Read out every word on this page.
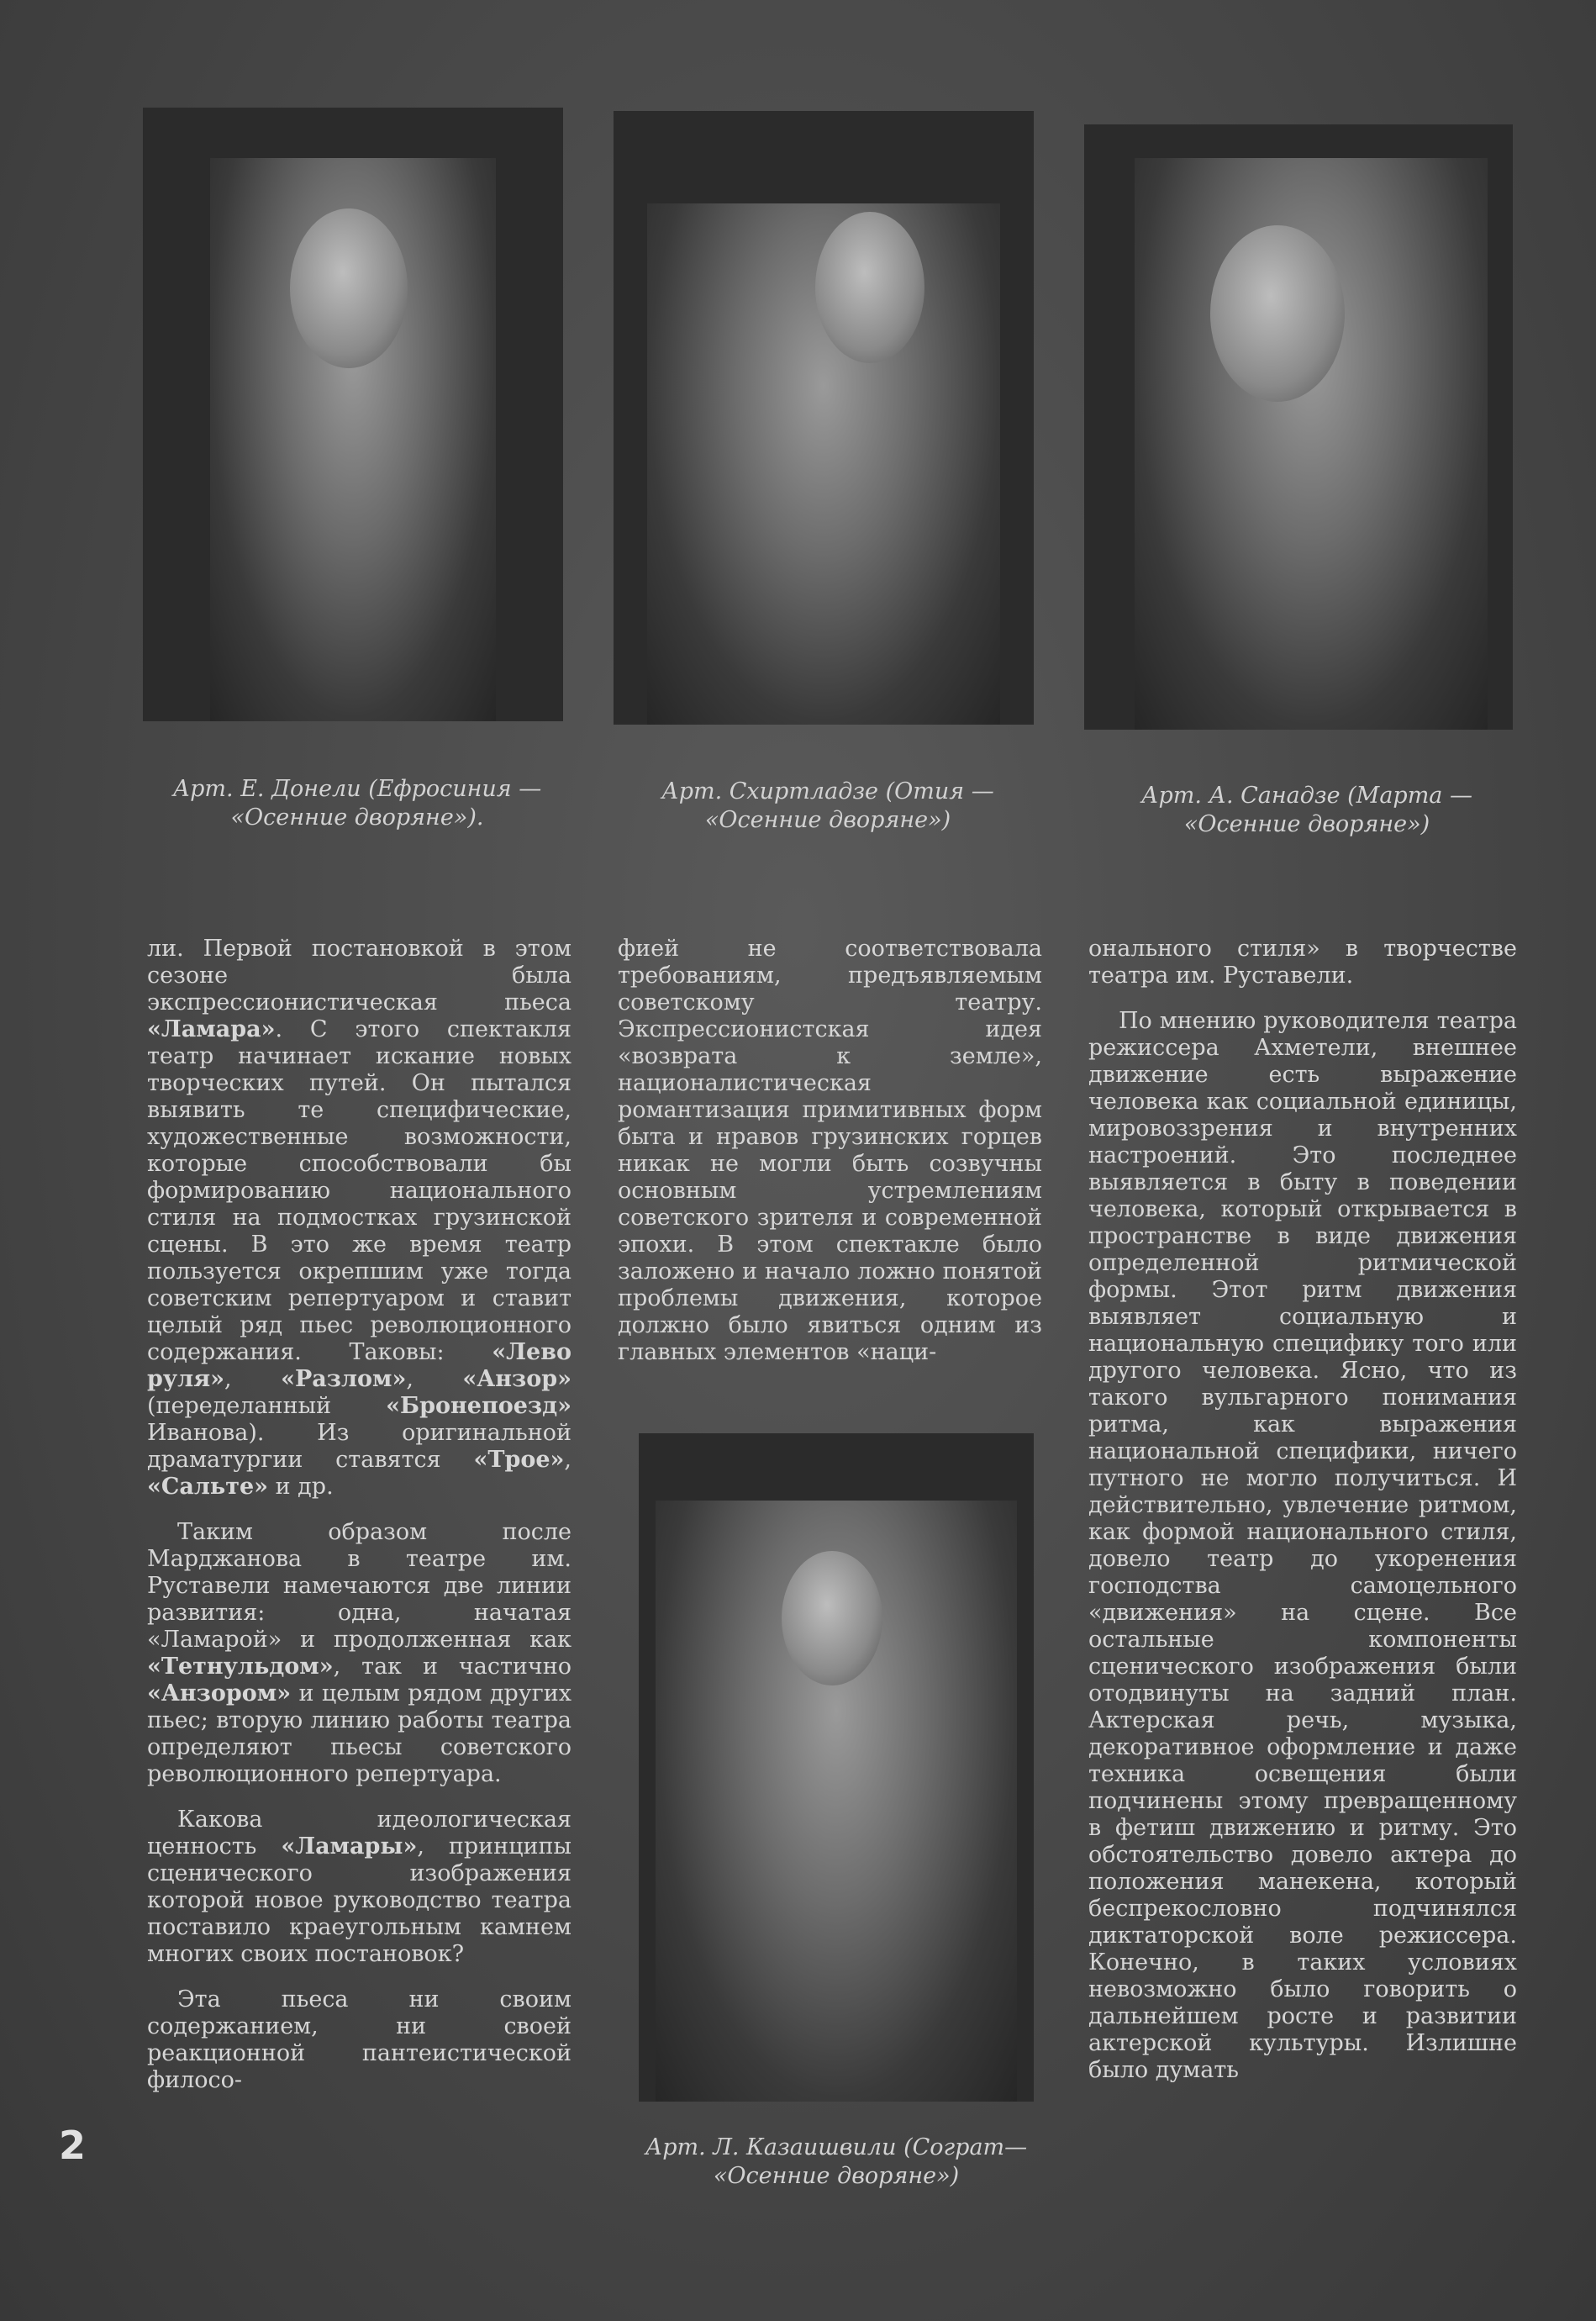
Арт. Е. Донели (Ефросиния —
«Осенние дворяне»).
Арт. Схиртладзе (Отия —
«Осенние дворяне»)
Арт. А. Санадзе (Марта —
«Осенние дворяне»)

ли. Первой постановкой в этом сезоне была экспрессионистическая пьеса «Ламара». С этого спектакля театр начинает искание новых творческих путей. Он пытался выявить те специфические, художественные возможности, которые способствовали бы формированию национального стиля на подмостках грузинской сцены. В это же время театр пользуется окрепшим уже тогда советским репертуаром и ставит целый ряд пьес революционного содержания. Таковы: «Лево руля», «Разлом», «Анзор» (переделанный «Бронепоезд» Иванова). Из оригинальной драматургии ставятся «Трое», «Сальте» и др.

Таким образом после Марджанова в театре им. Руставели намечаются две линии развития: одна, начатая «Ламарой» и продолженная как «Тетнульдом», так и частично «Анзором» и целым рядом других пьес; вторую линию работы театра определяют пьесы советского революционного репертуара.

Какова идеологическая ценность «Ламары», принципы сценического изображения которой новое руководство театра поставило краеугольным камнем многих своих постановок?

Эта пьеса ни своим содержанием, ни своей реакционной пантеистической филосо-

фией не соответствовала требованиям, предъявляемым советскому театру. Экспрессионистская идея «возврата к земле», националистическая романтизация примитивных форм быта и нравов грузинских горцев никак не могли быть созвучны основным устремлениям советского зрителя и современной эпохи. В этом спектакле было заложено и начало ложно понятой проблемы движения, которое должно было явиться одним из главных элементов «наци-

Арт. Л. Казаишвили (Сограт—
«Осенние дворяне»)

онального стиля» в творчестве театра им. Руставели.

По мнению руководителя театра режиссера Ахметели, внешнее движение есть выражение человека как социальной единицы, мировоззрения и внутренних настроений. Это последнее выявляется в быту в поведении человека, который открывается в пространстве в виде движения определенной ритмической формы. Этот ритм движения выявляет социальную и национальную специфику того или другого человека. Ясно, что из такого вульгарного понимания ритма, как выражения национальной специфики, ничего путного не могло получиться. И действительно, увлечение ритмом, как формой национального стиля, довело театр до укоренения господства самоцельного «движения» на сцене. Все остальные компоненты сценического изображения были отодвинуты на задний план. Актерская речь, музыка, декоративное оформление и даже техника освещения были подчинены этому превращенному в фетиш движению и ритму. Это обстоятельство довело актера до положения манекена, который беспрекословно подчинялся диктаторской воле режиссера. Конечно, в таких условиях невозможно было говорить о дальнейшем росте и развитии актерской культуры. Излишне было думать

2
